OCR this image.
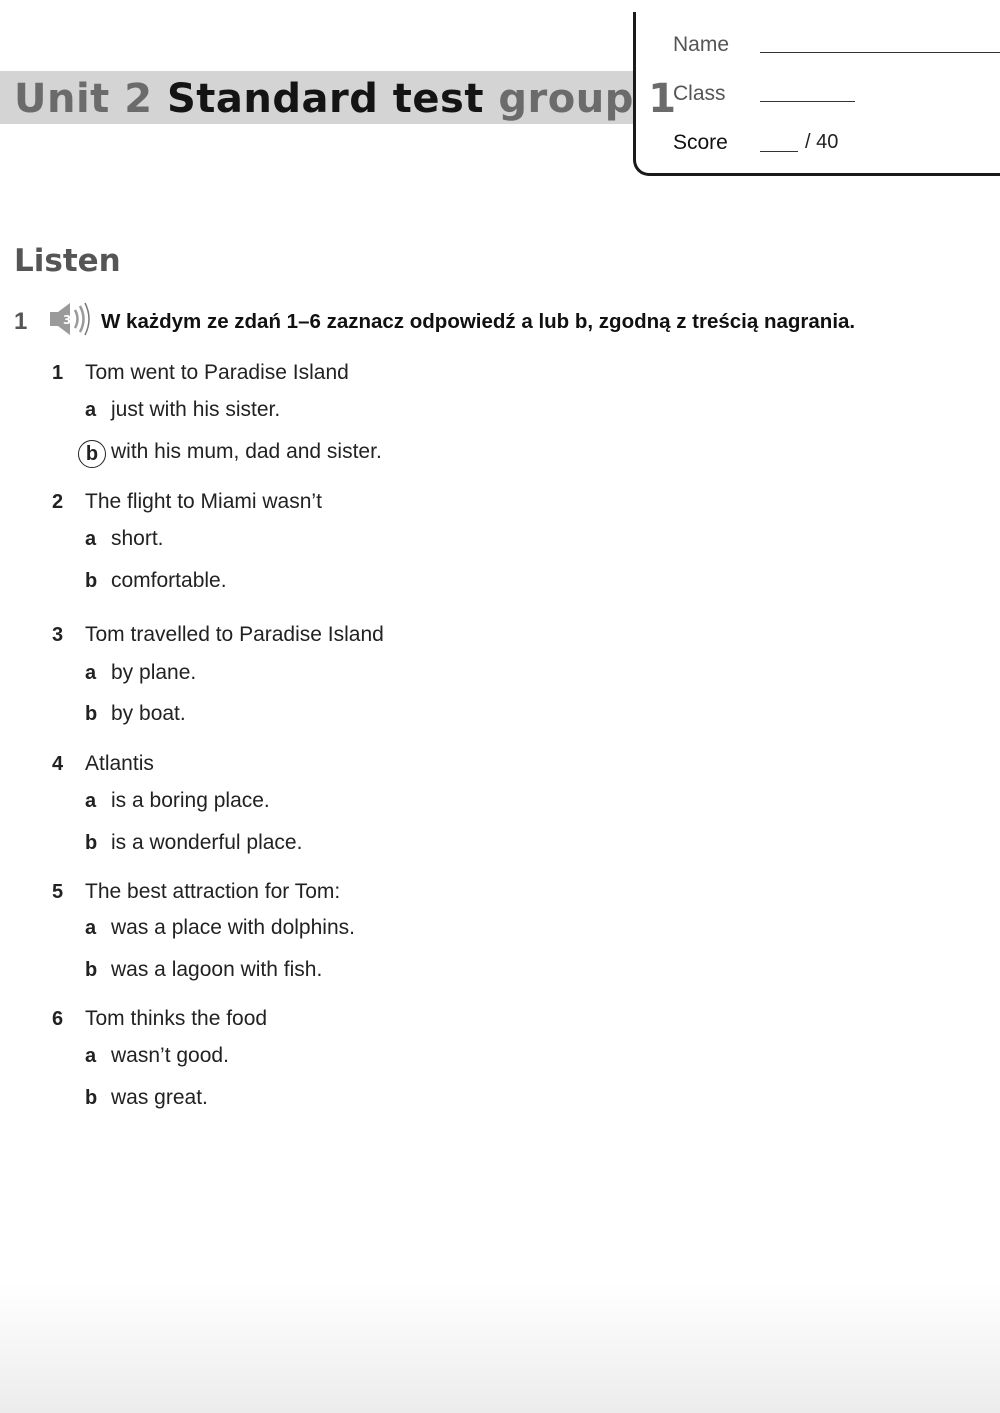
Unit 2 Standard test group 1
Name
Class
Score	/ 40
Listen
1	3 W każdym ze zdań 1–6 zaznacz odpowiedź a lub b, zgodną z treścią nagrania.
1 Tom went to Paradise Island
a just with his sister.
b with his mum, dad and sister.
2 The flight to Miami wasn’t
a short.
b comfortable.
3 Tom travelled to Paradise Island
a by plane.
b by boat.
4 Atlantis
a is a boring place.
b is a wonderful place.
5 The best attraction for Tom:
a was a place with dolphins.
b was a lagoon with fish.
6 Tom thinks the food
a wasn’t good.
b was great.
